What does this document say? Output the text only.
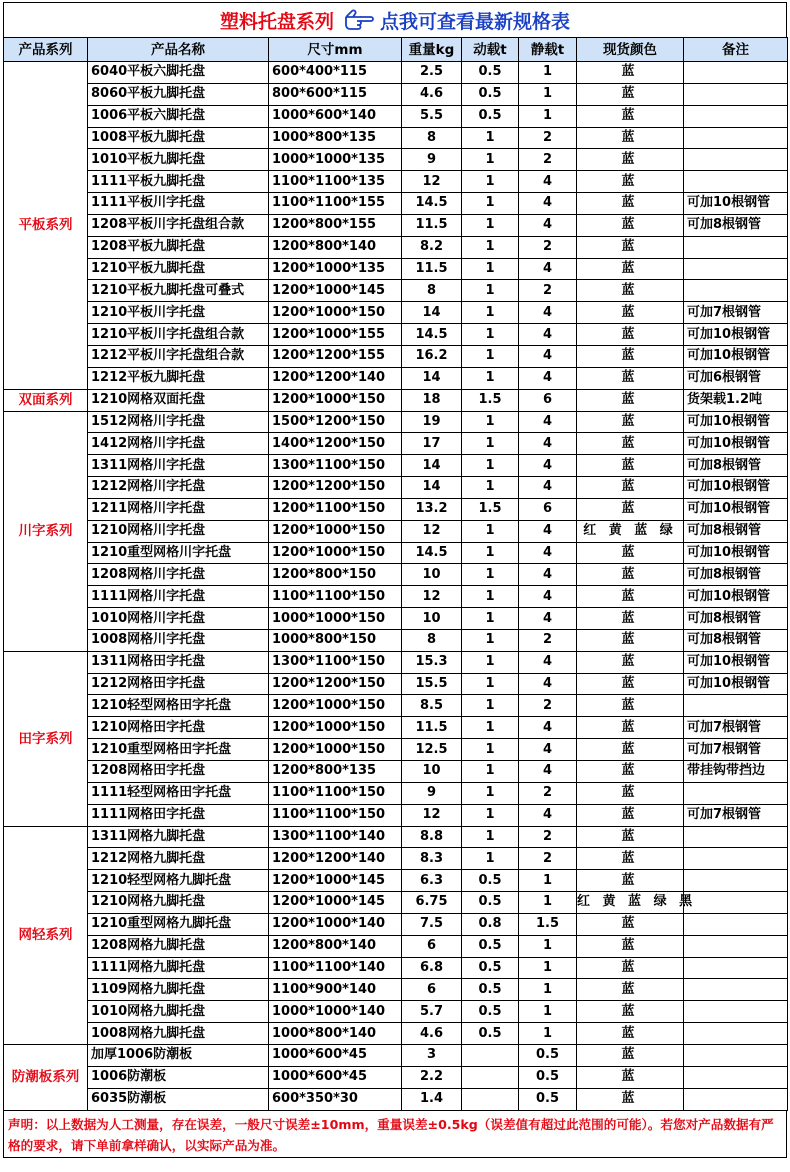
塑料托盘系列 点我可查看最新规格表
产品系列	产品名称	尺寸mm	重量kg	动载t	静载t	现货颜色	备注
平板系列	6040平板六脚托盘	600*400*115	2.5	0.5	1	蓝	
	8060平板九脚托盘	800*600*115	4.6	0.5	1	蓝	
	1006平板六脚托盘	1000*600*140	5.5	0.5	1	蓝	
	1008平板九脚托盘	1000*800*135	8	1	2	蓝	
	1010平板九脚托盘	1000*1000*135	9	1	2	蓝	
	1111平板九脚托盘	1100*1100*135	12	1	4	蓝	
	1111平板川字托盘	1100*1100*155	14.5	1	4	蓝	可加10根钢管
	1208平板川字托盘组合款	1200*800*155	11.5	1	4	蓝	可加8根钢管
	1208平板九脚托盘	1200*800*140	8.2	1	2	蓝	
	1210平板九脚托盘	1200*1000*135	11.5	1	4	蓝	
	1210平板九脚托盘可叠式	1200*1000*145	8	1	2	蓝	
	1210平板川字托盘	1200*1000*150	14	1	4	蓝	可加7根钢管
	1210平板川字托盘组合款	1200*1000*155	14.5	1	4	蓝	可加10根钢管
	1212平板川字托盘组合款	1200*1200*155	16.2	1	4	蓝	可加10根钢管
	1212平板九脚托盘	1200*1200*140	14	1	4	蓝	可加6根钢管
双面系列	1210网格双面托盘	1200*1000*150	18	1.5	6	蓝	货架载1.2吨
川字系列	1512网格川字托盘	1500*1200*150	19	1	4	蓝	可加10根钢管
	1412网格川字托盘	1400*1200*150	17	1	4	蓝	可加10根钢管
	1311网格川字托盘	1300*1100*150	14	1	4	蓝	可加8根钢管
	1212网格川字托盘	1200*1200*150	14	1	4	蓝	可加10根钢管
	1211网格川字托盘	1200*1100*150	13.2	1.5	6	蓝	可加10根钢管
	1210网格川字托盘	1200*1000*150	12	1	4	红 黄 蓝 绿	可加8根钢管
	1210重型网格川字托盘	1200*1000*150	14.5	1	4	蓝	可加10根钢管
	1208网格川字托盘	1200*800*150	10	1	4	蓝	可加8根钢管
	1111网格川字托盘	1100*1100*150	12	1	4	蓝	可加10根钢管
	1010网格川字托盘	1000*1000*150	10	1	4	蓝	可加8根钢管
	1008网格川字托盘	1000*800*150	8	1	2	蓝	可加8根钢管
田字系列	1311网格田字托盘	1300*1100*150	15.3	1	4	蓝	可加10根钢管
	1212网格田字托盘	1200*1200*150	15.5	1	4	蓝	可加10根钢管
	1210轻型网格田字托盘	1200*1000*150	8.5	1	2	蓝	
	1210网格田字托盘	1200*1000*150	11.5	1	4	蓝	可加7根钢管
	1210重型网格田字托盘	1200*1000*150	12.5	1	4	蓝	可加7根钢管
	1208网格田字托盘	1200*800*135	10	1	4	蓝	带挂钩带挡边
	1111轻型网格田字托盘	1100*1100*150	9	1	2	蓝	
	1111网格田字托盘	1100*1100*150	12	1	4	蓝	可加7根钢管
网轻系列	1311网格九脚托盘	1300*1100*140	8.8	1	2	蓝	
	1212网格九脚托盘	1200*1200*140	8.3	1	2	蓝	
	1210轻型网格九脚托盘	1200*1000*145	6.3	0.5	1	蓝	
	1210网格九脚托盘	1200*1000*145	6.75	0.5	1	红 黄 蓝 绿 黑	
	1210重型网格九脚托盘	1200*1000*140	7.5	0.8	1.5	蓝	
	1208网格九脚托盘	1200*800*140	6	0.5	1	蓝	
	1111网格九脚托盘	1100*1100*140	6.8	0.5	1	蓝	
	1109网格九脚托盘	1100*900*140	6	0.5	1	蓝	
	1010网格九脚托盘	1000*1000*140	5.7	0.5	1	蓝	
	1008网格九脚托盘	1000*800*140	4.6	0.5	1	蓝	
防潮板系列	加厚1006防潮板	1000*600*45	3		0.5	蓝	
	1006防潮板	1000*600*45	2.2		0.5	蓝	
	6035防潮板	600*350*30	1.4		0.5	蓝	
声明：以上数据为人工测量，存在误差，一般尺寸误差±10mm，重量误差±0.5kg（误差值有超过此范围的可能）。若您对产品数据有严格的要求，请下单前拿样确认，以实际产品为准。
